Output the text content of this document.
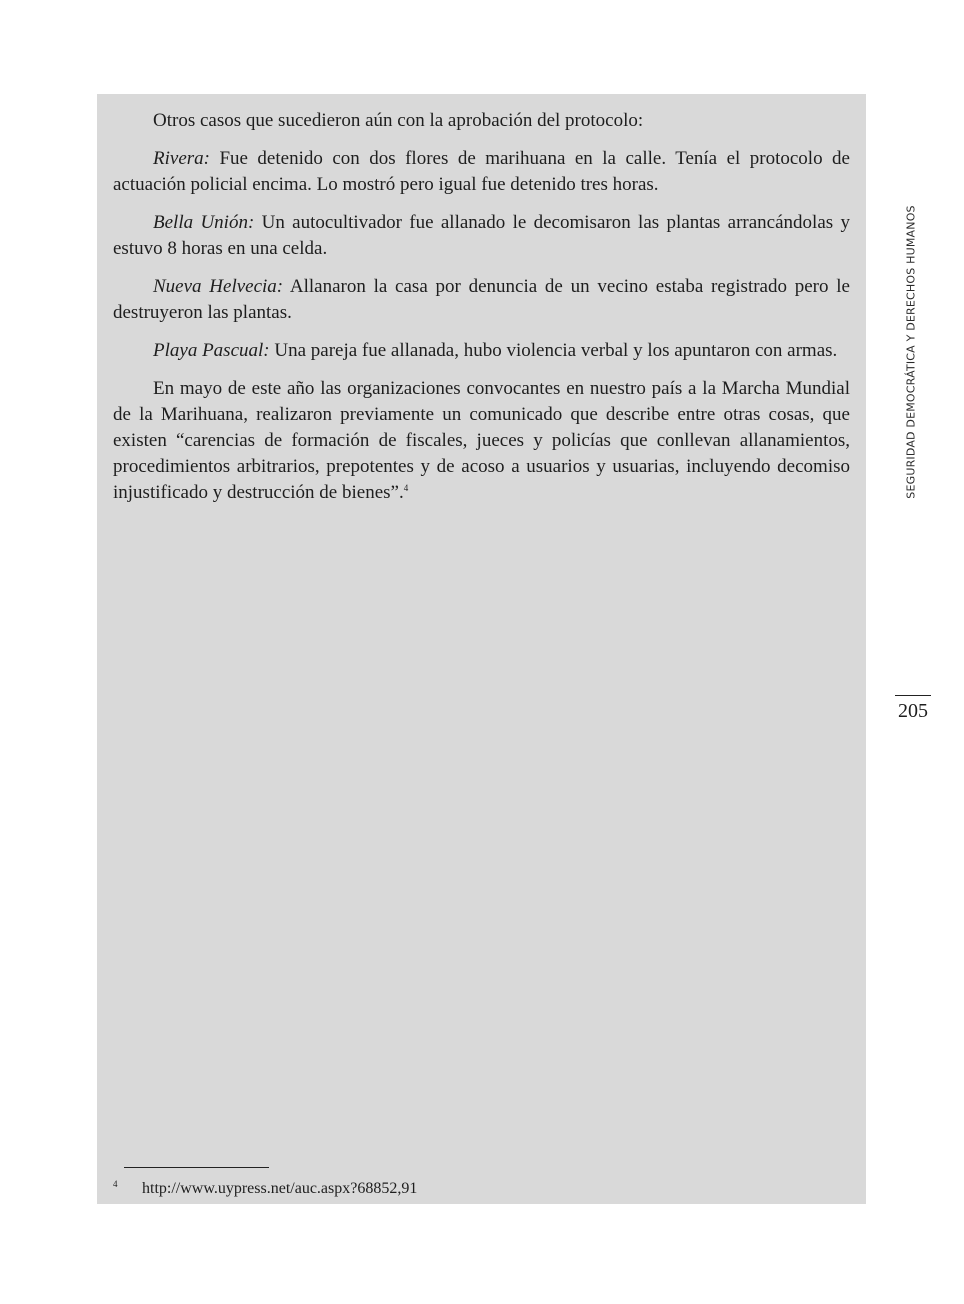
Otros casos que sucedieron aún con la aprobación del protocolo:

Rivera: Fue detenido con dos flores de marihuana en la calle. Tenía el protocolo de actuación policial encima. Lo mostró pero igual fue detenido tres horas.

Bella Unión: Un autocultivador fue allanado le decomisaron las plantas arrancándolas y estuvo 8 horas en una celda.

Nueva Helvecia: Allanaron la casa por denuncia de un vecino estaba registrado pero le destruyeron las plantas.

Playa Pascual: Una pareja fue allanada, hubo violencia verbal y los apuntaron con armas.

En mayo de este año las organizaciones convocantes en nuestro país a la Marcha Mundial de la Marihuana, realizaron previamente un comunicado que describe entre otras cosas, que existen “carencias de formación de fiscales, jueces y policías que conllevan allanamientos, procedimientos arbitrarios, prepotentes y de acoso a usuarios y usuarias, incluyendo decomiso injustificado y destrucción de bienes”.$^4$

4 http://www.uypress.net/auc.aspx?68852,91
SEGURIDAD DEMOCRÁTICA Y DERECHOS HUMANOS
205
